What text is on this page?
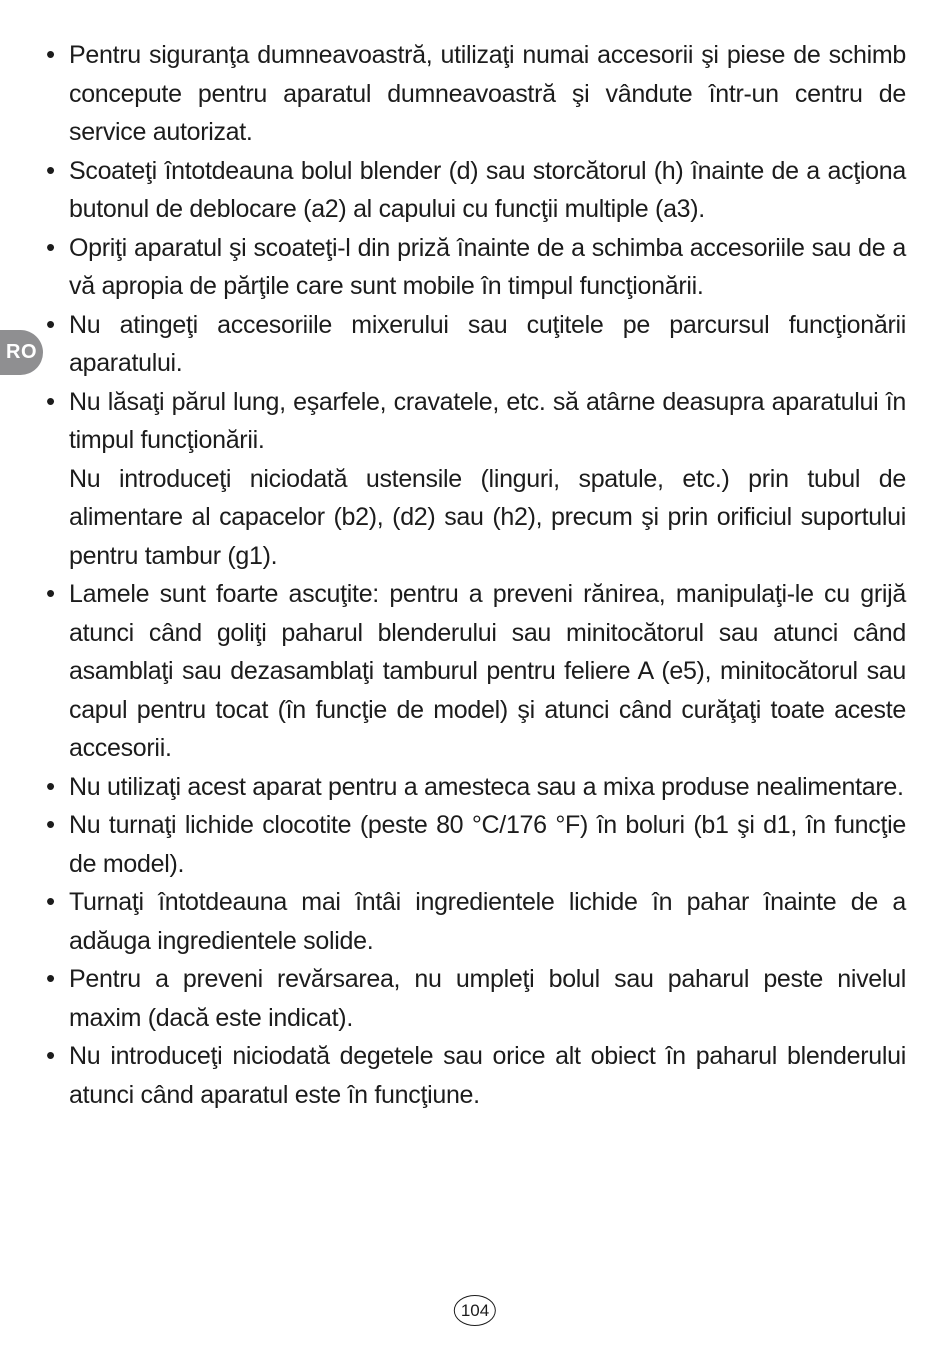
RO
• Pentru siguranţa dumneavoastră, utilizaţi numai accesorii şi piese de schimb concepute pentru aparatul dumneavoastră şi vândute într-un centru de service autorizat.
• Scoateţi întotdeauna bolul blender (d) sau storcătorul (h) înainte de a acţiona butonul de deblocare (a2) al capului cu funcţii multiple (a3).
• Opriţi aparatul şi scoateţi-l din priză înainte de a schimba accesoriile sau de a vă apropia de părţile care sunt mobile în timpul funcţionării.
• Nu atingeţi accesoriile mixerului sau cuţitele pe parcursul funcţionării aparatului.
• Nu lăsaţi părul lung, eşarfele, cravatele, etc. să atârne deasupra aparatului în timpul funcţionării.
Nu introduceţi niciodată ustensile (linguri, spatule, etc.) prin tubul de alimentare al capacelor (b2), (d2) sau (h2), precum şi prin orificiul suportului pentru tambur (g1).
• Lamele sunt foarte ascuţite: pentru a preveni rănirea, manipulaţi-le cu grijă atunci când goliţi paharul blenderului sau minitocătorul sau atunci când asamblaţi sau dezasamblaţi tamburul pentru feliere A (e5), minitocătorul sau capul pentru tocat (în funcţie de model) şi atunci când curăţaţi toate aceste accesorii.
• Nu utilizaţi acest aparat pentru a amesteca sau a mixa produse nealimentare.
• Nu turnaţi lichide clocotite (peste 80 °C/176 °F) în boluri (b1 şi d1, în funcţie de model).
• Turnaţi întotdeauna mai întâi ingredientele lichide în pahar înainte de a adăuga ingredientele solide.
• Pentru a preveni revărsarea, nu umpleţi bolul sau paharul peste nivelul maxim (dacă este indicat).
• Nu introduceţi niciodată degetele sau orice alt obiect în paharul blenderului atunci când aparatul este în funcţiune.
104
